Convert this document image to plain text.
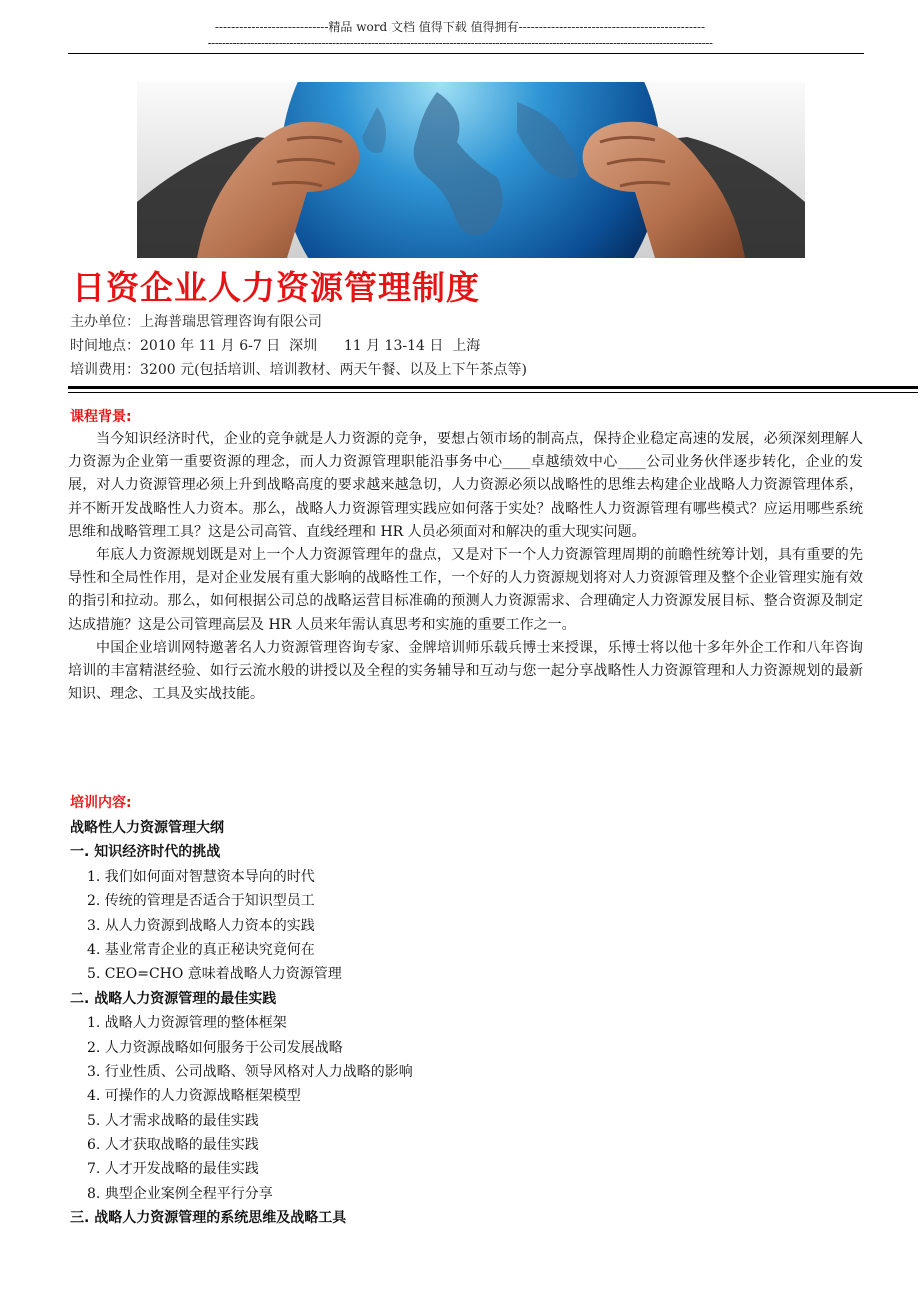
----------------------------精品 word 文档 值得下载 值得拥有----------------------------------------------
----------------------------------------------------------------------------------------------------------------------------------------------
日资企业人力资源管理制度
主办单位：上海普瑞思管理咨询有限公司
时间地点：2010 年 11 月 6-7 日  深圳      11 月 13-14 日  上海
培训费用：3200 元(包括培训、培训教材、两天午餐、以及上下午茶点等)
课程背景:

当今知识经济时代，企业的竞争就是人力资源的竞争，要想占领市场的制高点，保持企业稳定高速的发展，必须深刻理解人力资源为企业第一重要资源的理念，而人力资源管理职能沿事务中心____卓越绩效中心____公司业务伙伴逐步转化，企业的发展，对人力资源管理必须上升到战略高度的要求越来越急切，人力资源必须以战略性的思维去构建企业战略人力资源管理体系，并不断开发战略性人力资本。那么，战略人力资源管理实践应如何落于实处？战略性人力资源管理有哪些模式？应运用哪些系统思维和战略管理工具？这是公司高管、直线经理和 HR 人员必须面对和解决的重大现实问题。

年底人力资源规划既是对上一个人力资源管理年的盘点，又是对下一个人力资源管理周期的前瞻性统筹计划，具有重要的先导性和全局性作用，是对企业发展有重大影响的战略性工作，一个好的人力资源规划将对人力资源管理及整个企业管理实施有效的指引和拉动。那么，如何根据公司总的战略运营目标准确的预测人力资源需求、合理确定人力资源发展目标、整合资源及制定达成措施？这是公司管理高层及 HR 人员来年需认真思考和实施的重要工作之一。

中国企业培训网特邀著名人力资源管理咨询专家、金牌培训师乐载兵博士来授课，乐博士将以他十多年外企工作和八年咨询培训的丰富精湛经验、如行云流水般的讲授以及全程的实务辅导和互动与您一起分享战略性人力资源管理和人力资源规划的最新知识、理念、工具及实战技能。

培训内容:
战略性人力资源管理大纲
一. 知识经济时代的挑战
1. 我们如何面对智慧资本导向的时代
2. 传统的管理是否适合于知识型员工
3. 从人力资源到战略人力资本的实践
4. 基业常青企业的真正秘诀究竟何在
5. CEO=CHO 意味着战略人力资源管理
二. 战略人力资源管理的最佳实践
1. 战略人力资源管理的整体框架
2. 人力资源战略如何服务于公司发展战略
3. 行业性质、公司战略、领导风格对人力战略的影响
4. 可操作的人力资源战略框架模型
5. 人才需求战略的最佳实践
6. 人才获取战略的最佳实践
7. 人才开发战略的最佳实践
8. 典型企业案例全程平行分享
三. 战略人力资源管理的系统思维及战略工具
